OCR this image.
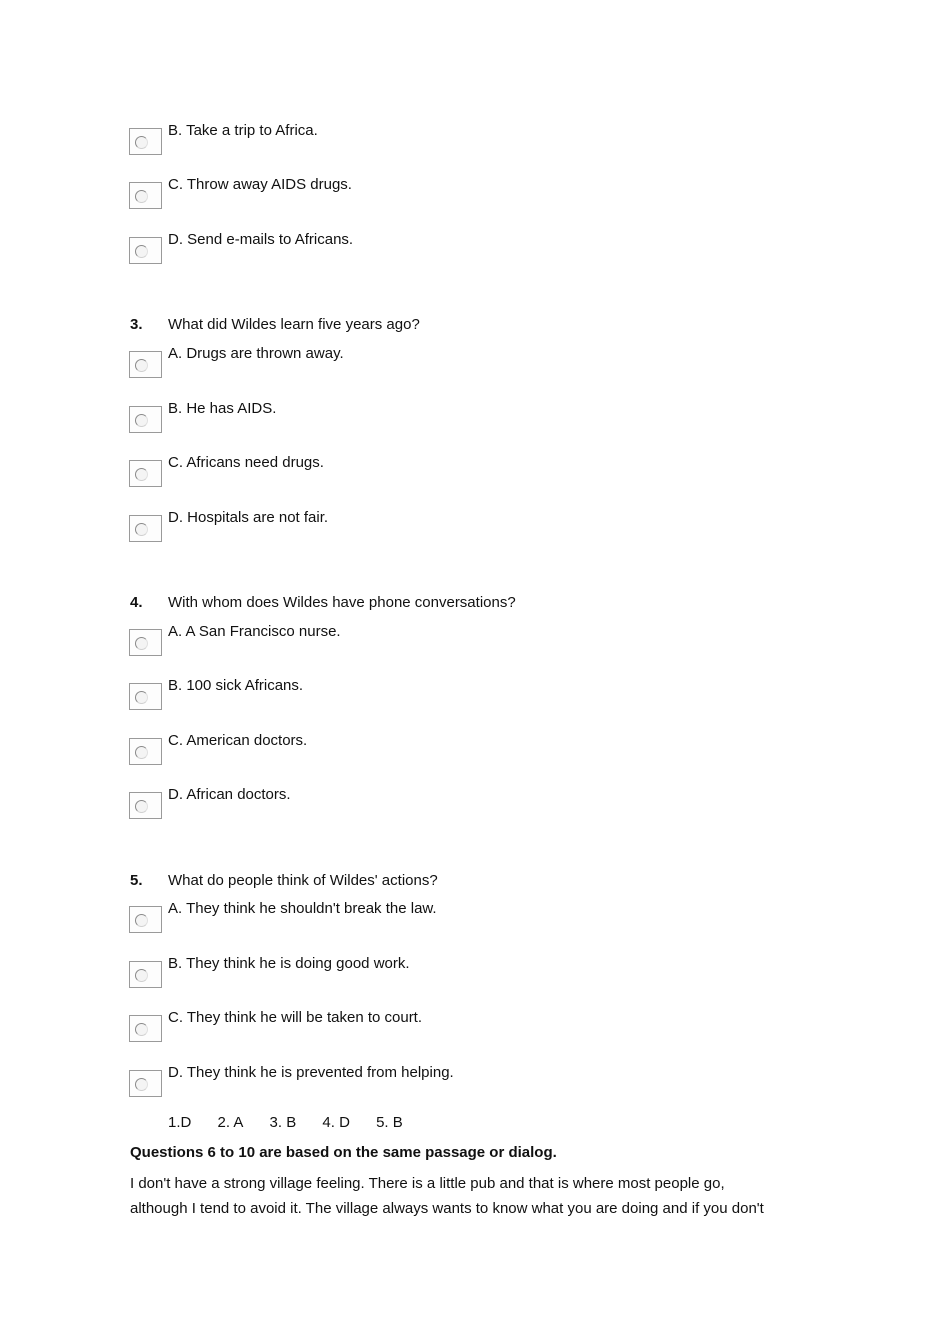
B. Take a trip to Africa.
C. Throw away AIDS drugs.
D. Send e-mails to Africans.
3. What did Wildes learn five years ago?
A. Drugs are thrown away.
B. He has AIDS.
C. Africans need drugs.
D. Hospitals are not fair.
4. With whom does Wildes have phone conversations?
A. A San Francisco nurse.
B. 100 sick Africans.
C. American doctors.
D. African doctors.
5. What do people think of Wildes' actions?
A. They think he shouldn't break the law.
B. They think he is doing good work.
C. They think he will be taken to court.
D. They think he is prevented from helping.
1.D 2. A 3. B 4. D 5. B
Questions 6 to 10 are based on the same passage or dialog.
I don't have a strong village feeling. There is a little pub and that is where most people go,
although I tend to avoid it. The village always wants to know what you are doing and if you don't
